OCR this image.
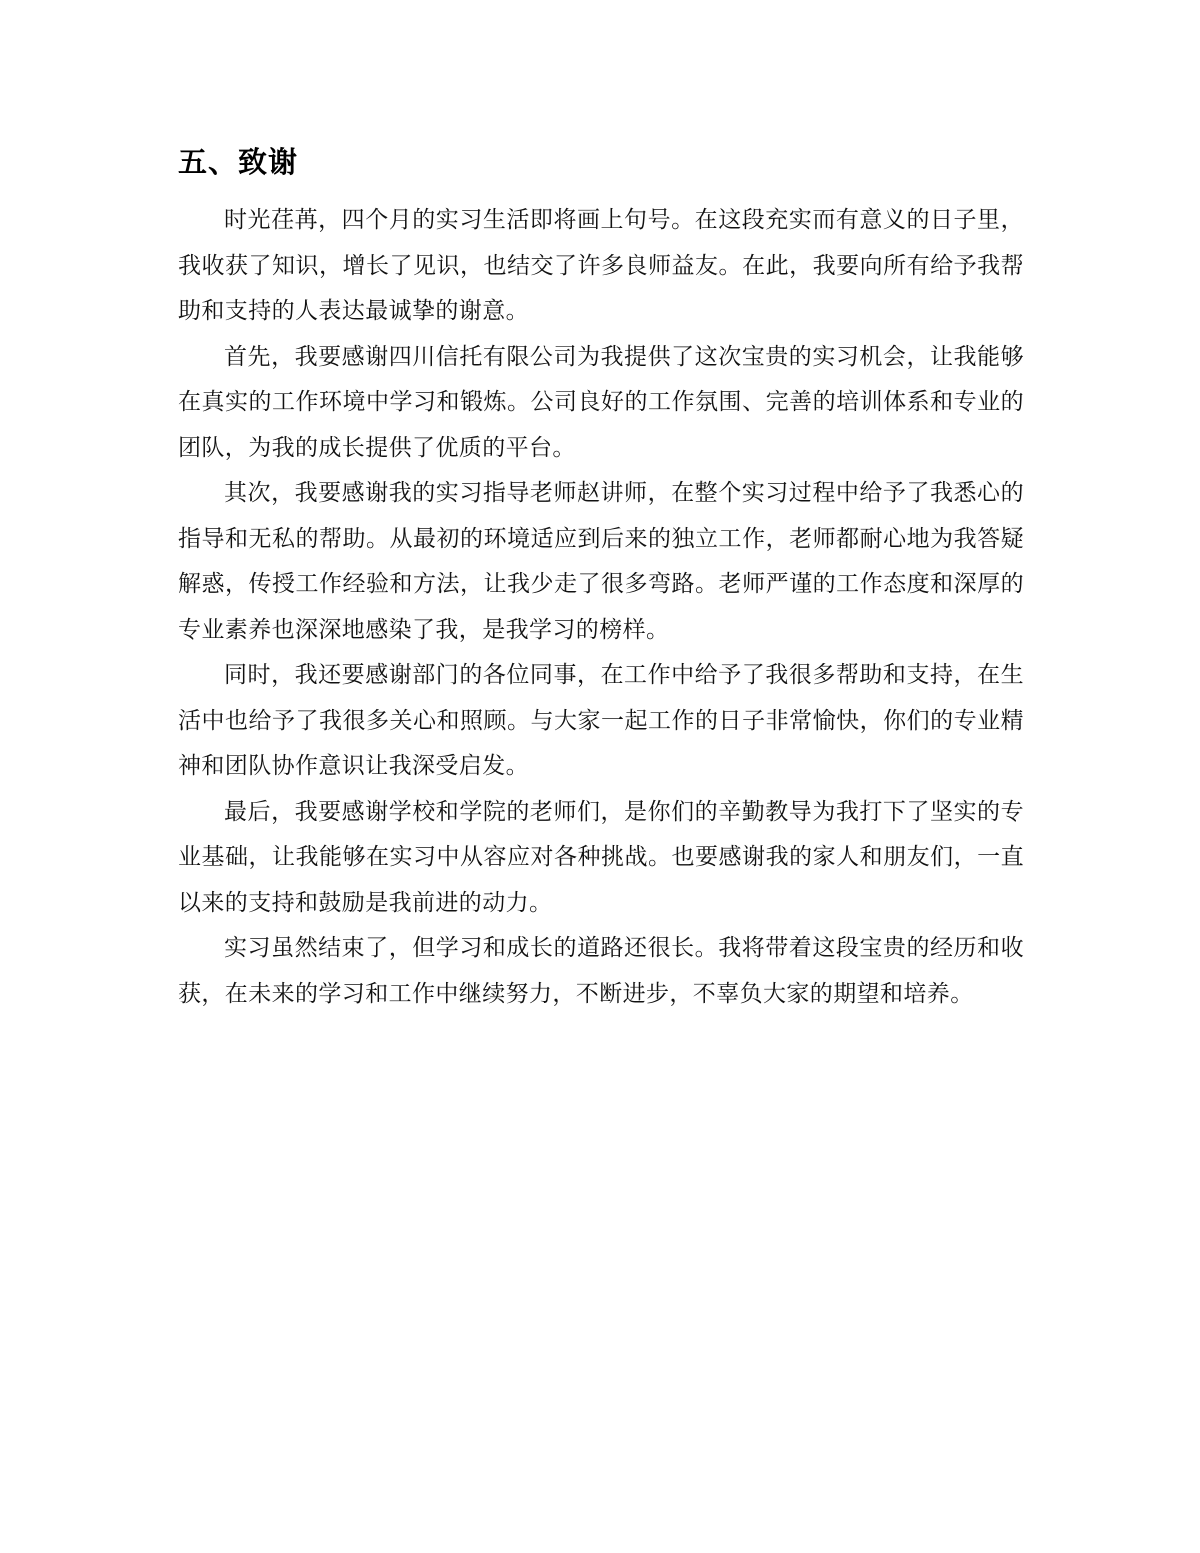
五、致谢

时光荏苒，四个月的实习生活即将画上句号。在这段充实而有意义的日子里，我收获了知识，增长了见识，也结交了许多良师益友。在此，我要向所有给予我帮助和支持的人表达最诚挚的谢意。

首先，我要感谢四川信托有限公司为我提供了这次宝贵的实习机会，让我能够在真实的工作环境中学习和锻炼。公司良好的工作氛围、完善的培训体系和专业的团队，为我的成长提供了优质的平台。

其次，我要感谢我的实习指导老师赵讲师，在整个实习过程中给予了我悉心的指导和无私的帮助。从最初的环境适应到后来的独立工作，老师都耐心地为我答疑解惑，传授工作经验和方法，让我少走了很多弯路。老师严谨的工作态度和深厚的专业素养也深深地感染了我，是我学习的榜样。

同时，我还要感谢部门的各位同事，在工作中给予了我很多帮助和支持，在生活中也给予了我很多关心和照顾。与大家一起工作的日子非常愉快，你们的专业精神和团队协作意识让我深受启发。

最后，我要感谢学校和学院的老师们，是你们的辛勤教导为我打下了坚实的专业基础，让我能够在实习中从容应对各种挑战。也要感谢我的家人和朋友们，一直以来的支持和鼓励是我前进的动力。

实习虽然结束了，但学习和成长的道路还很长。我将带着这段宝贵的经历和收获，在未来的学习和工作中继续努力，不断进步，不辜负大家的期望和培养。
